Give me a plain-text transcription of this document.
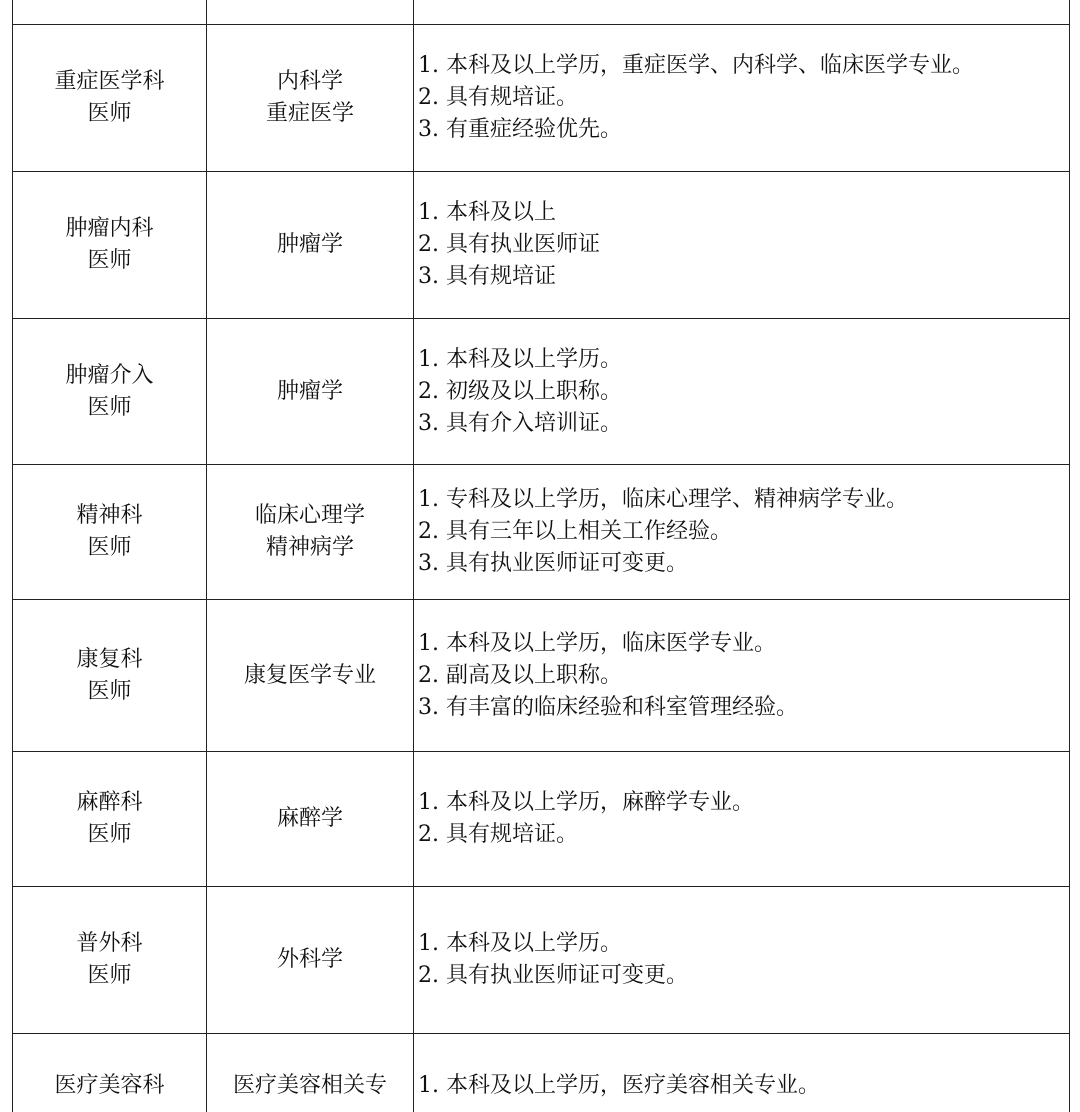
重症医学科
医师
内科学
重症医学
1. 本科及以上学历，重症医学、内科学、临床医学专业。
2. 具有规培证。
3. 有重症经验优先。
肿瘤内科
医师
肿瘤学
1. 本科及以上
2. 具有执业医师证
3. 具有规培证
肿瘤介入
医师
肿瘤学
1. 本科及以上学历。
2. 初级及以上职称。
3. 具有介入培训证。
精神科
医师
临床心理学
精神病学
1. 专科及以上学历，临床心理学、精神病学专业。
2. 具有三年以上相关工作经验。
3. 具有执业医师证可变更。
康复科
医师
康复医学专业
1. 本科及以上学历，临床医学专业。
2. 副高及以上职称。
3. 有丰富的临床经验和科室管理经验。
麻醉科
医师
麻醉学
1. 本科及以上学历，麻醉学专业。
2. 具有规培证。
普外科
医师
外科学
1. 本科及以上学历。
2. 具有执业医师证可变更。
医疗美容科	医疗美容相关专 1. 本科及以上学历，医疗美容相关专业。
